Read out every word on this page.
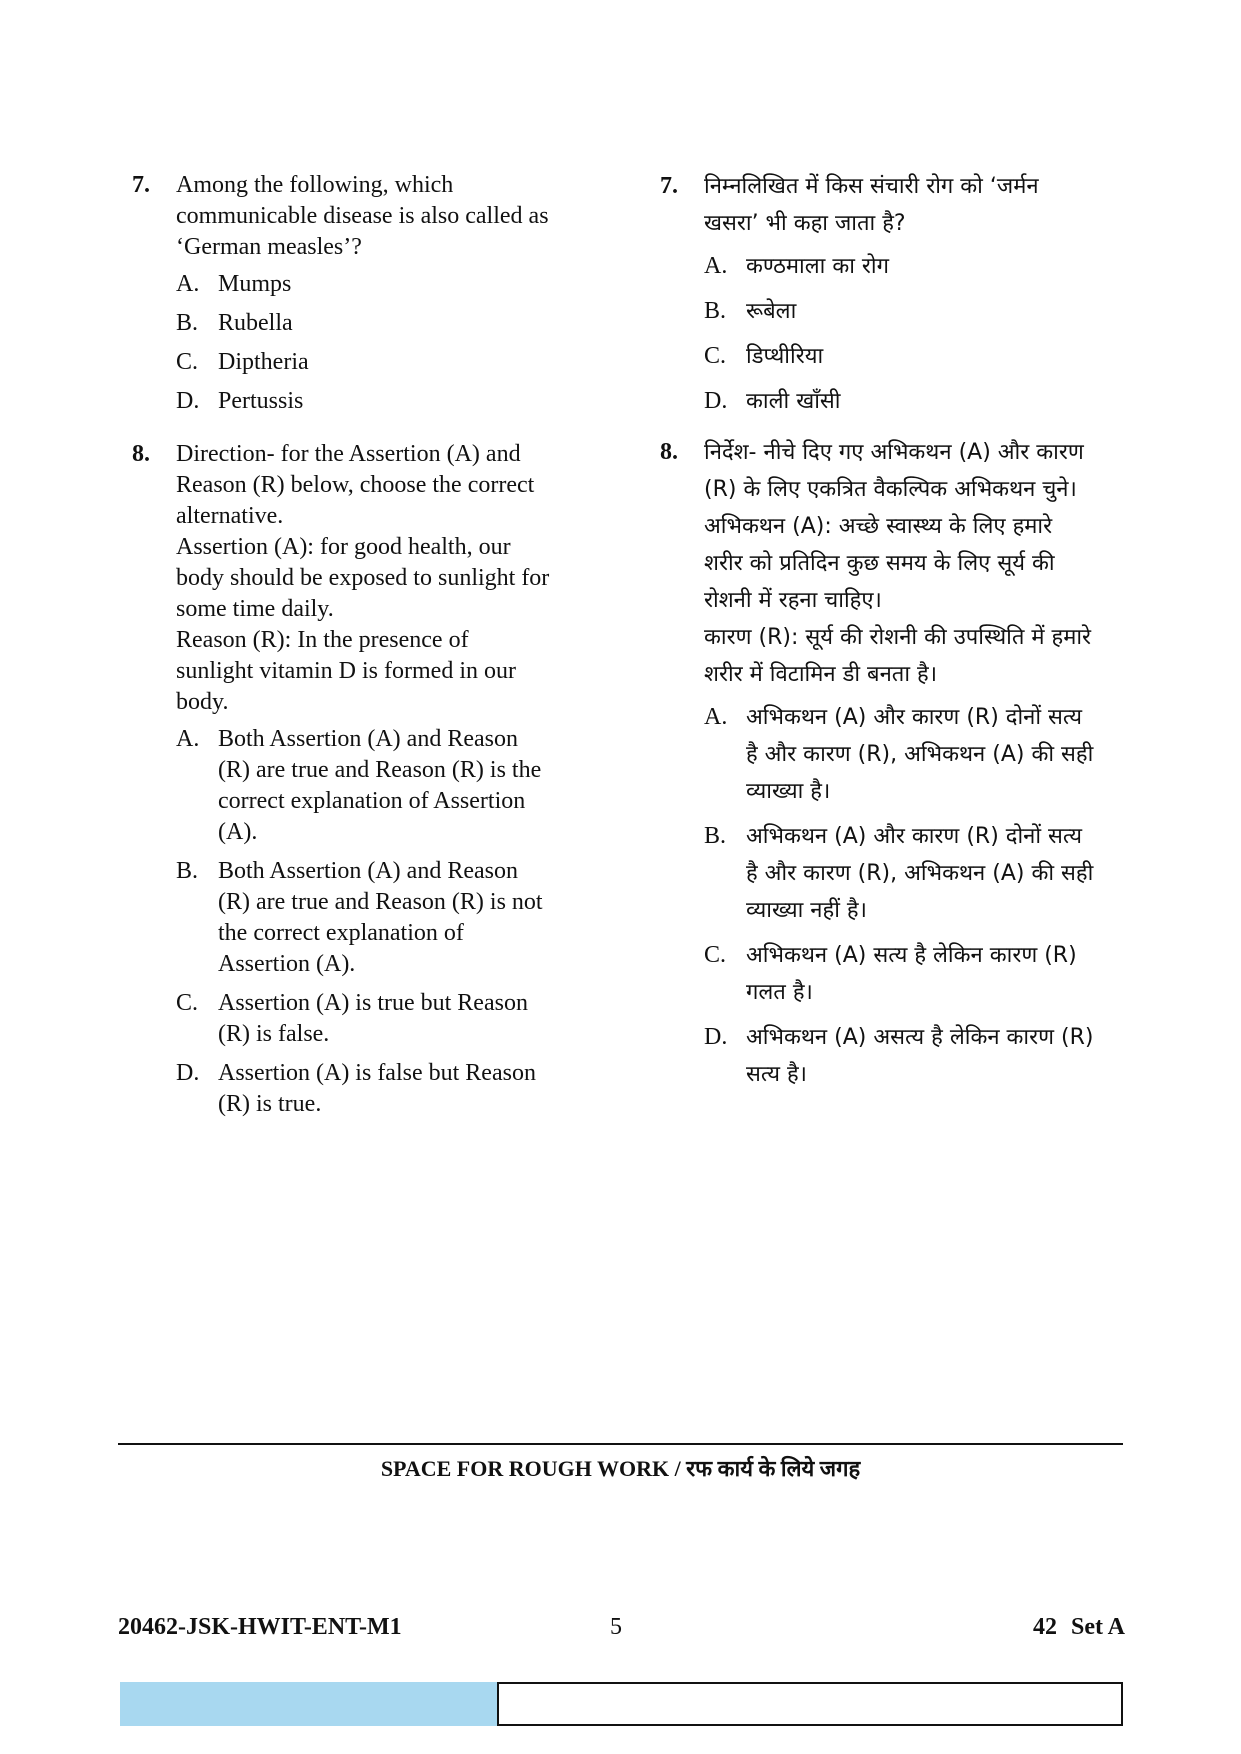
7. Among the following, which
communicable disease is also called as
‘German measles’?
A. Mumps
B. Rubella
C. Diptheria
D. Pertussis
8. Direction- for the Assertion (A) and
Reason (R) below, choose the correct
alternative.
Assertion (A): for good health, our
body should be exposed to sunlight for
some time daily.
Reason (R): In the presence of
sunlight vitamin D is formed in our
body.
A. Both Assertion (A) and Reason
(R) are true and Reason (R) is the
correct explanation of Assertion
(A).
B. Both Assertion (A) and Reason
(R) are true and Reason (R) is not
the correct explanation of
Assertion (A).
C. Assertion (A) is true but Reason
(R) is false.
D. Assertion (A) is false but Reason
(R) is true.
7. निम्नलिखित में किस संचारी रोग को ‘जर्मन
खसरा’ भी कहा जाता है?
A. कण्ठमाला का रोग
B. रूबेला
C. डिप्थीरिया
D. काली खाँसी
8. निर्देश- नीचे दिए गए अभिकथन (A) और कारण
(R) के लिए एकत्रित वैकल्पिक अभिकथन चुने।
अभिकथन (A): अच्छे स्वास्थ्य के लिए हमारे
शरीर को प्रतिदिन कुछ समय के लिए सूर्य की
रोशनी में रहना चाहिए।
कारण (R): सूर्य की रोशनी की उपस्थिति में हमारे
शरीर में विटामिन डी बनता है।
A. अभिकथन (A) और कारण (R) दोनों सत्य
है और कारण (R), अभिकथन (A) की सही
व्याख्या है।
B. अभिकथन (A) और कारण (R) दोनों सत्य
है और कारण (R), अभिकथन (A) की सही
व्याख्या नहीं है।
C. अभिकथन (A) सत्य है लेकिन कारण (R)
गलत है।
D. अभिकथन (A) असत्य है लेकिन कारण (R)
सत्य है।
SPACE FOR ROUGH WORK / रफ कार्य के लिये जगह
20462-JSK-HWIT-ENT-M1	5	42 Set A
